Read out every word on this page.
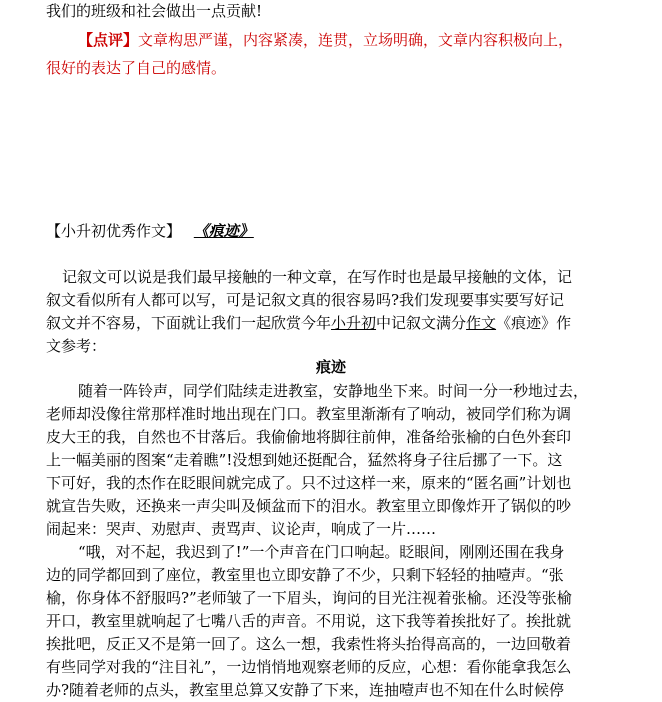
我们的班级和社会做出一点贡献!
【点评】文章构思严谨，内容紧凑，连贯，立场明确，文章内容积极向上，
很好的表达了自己的感情。
【小升初优秀作文】 《痕迹》
记叙文可以说是我们最早接触的一种文章，在写作时也是最早接触的文体，记
叙文看似所有人都可以写，可是记叙文真的很容易吗?我们发现要事实要写好记
叙文并不容易，下面就让我们一起欣赏今年小升初中记叙文满分作文《痕迹》作
文参考：
痕迹
随着一阵铃声，同学们陆续走进教室，安静地坐下来。时间一分一秒地过去，
老师却没像往常那样准时地出现在门口。教室里渐渐有了响动，被同学们称为调
皮大王的我，自然也不甘落后。我偷偷地将脚往前伸，准备给张榆的白色外套印
上一幅美丽的图案“走着瞧”!没想到她还挺配合，猛然将身子往后挪了一下。这
下可好，我的杰作在眨眼间就完成了。只不过这样一来，原来的“匿名画”计划也
就宣告失败，还换来一声尖叫及倾盆而下的泪水。教室里立即像炸开了锅似的吵
闹起来：哭声、劝慰声、责骂声、议论声，响成了一片……
“哦，对不起，我迟到了!”一个声音在门口响起。眨眼间，刚刚还围在我身
边的同学都回到了座位，教室里也立即安静了不少，只剩下轻轻的抽噎声。“张
榆，你身体不舒服吗?”老师皱了一下眉头，询问的目光注视着张榆。还没等张榆
开口，教室里就响起了七嘴八舌的声音。不用说，这下我等着挨批好了。挨批就
挨批吧，反正又不是第一回了。这么一想，我索性将头抬得高高的，一边回敬着
有些同学对我的“注目礼”，一边悄悄地观察老师的反应，心想：看你能拿我怎么
办?随着老师的点头，教室里总算又安静了下来，连抽噎声也不知在什么时候停
